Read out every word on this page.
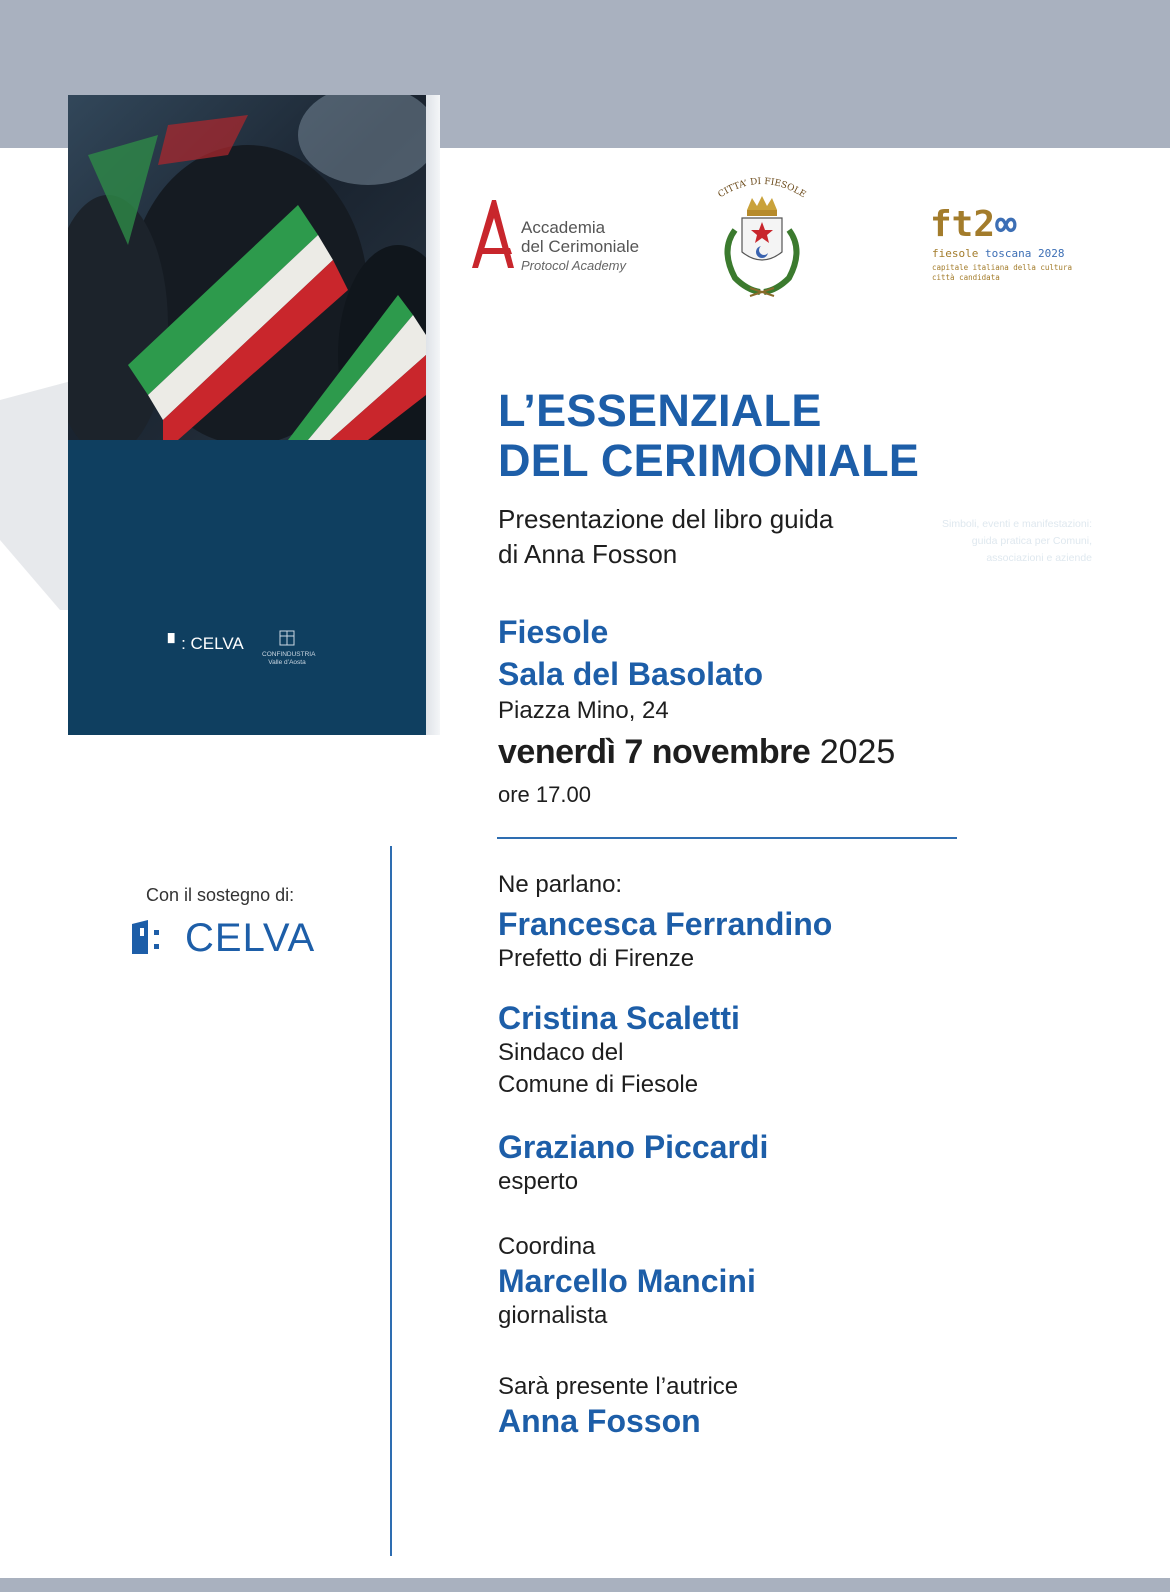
L’ESSENZIALE
DEL CERIMONIALE
Simboli, eventi e manifestazioni:
guida pratica per Comuni,
associazioni e aziende
ANNA FOSSON
▘: CELVA
CONFINDUSTRIA
Valle d’Aosta
Accademia
del Cerimoniale
Protocol Academy
CITTA’ DI FIESOLE
ft2∞
fiesole toscana 2028
capitale italiana della cultura
città candidata
L’ESSENZIALE
DEL CERIMONIALE
Presentazione del libro guida
di Anna Fosson
Fiesole
Sala del Basolato
Piazza Mino, 24
venerdì 7 novembre 2025
ore 17.00
Con il sostegno di:
CELVA
Ne parlano:
Francesca Ferrandino
Prefetto di Firenze
Cristina Scaletti
Sindaco del
Comune di Fiesole
Graziano Piccardi
esperto
Coordina
Marcello Mancini
giornalista
Sarà presente l’autrice
Anna Fosson
